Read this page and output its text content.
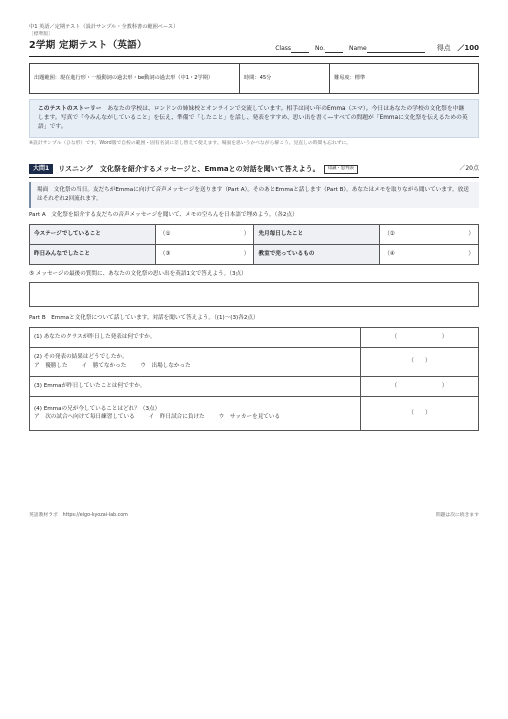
中1 英語／定期テスト（設計サンプル・全教科書の範囲ベース）
［標準版］
2学期 定期テスト（英語）	Class	No.	Name	得点 ／100
出題範囲：現在進行形・一般動詞の過去形・be動詞の過去形（中1・2学期）	時間：45分	難易度：標準
このテストのストーリー　 あなたの学校は、ロンドンの姉妹校とオンラインで交流しています。相手は同い年のEmma（エマ）。今日はあなたの学校の文化祭を中継します。写真で「今みんながしていること」を伝え、準備で「したこと」を話し、発表をすすめ、思い出を書く—すべての問題が「Emmaに文化祭を伝えるための英語」です。
※設計サンプル（ひな形）です。Word版で自校の範囲・固有名詞に差し替えて使えます。場面を思いうかべながら解こう。見直しの時間も忘れずに。
大問1	リスニング　文化祭を紹介するメッセージと、Emmaとの対話を聞いて答えよう。	知識・思判表	／20点
場面　文化祭の当日。友だちがEmmaに向けて音声メッセージを送ります（Part A）。そのあとEmmaと話します（Part B）。あなたはメモを取りながら聞いています。放送はそれぞれ2回流れます。
Part A　文化祭を紹介する友だちの音声メッセージを聞いて、メモの空らんを日本語で埋めよう。（各2点）
今ステージでしていること	（① ）	先月毎日したこと	（② ）

昨日みんなでしたこと	（③ ）	教室で売っているもの	（④ ）
⑤ メッセージの最後の質問に、あなたの文化祭の思い出を英語1文で答えよう。（3点）
Part B　Emmaと文化祭について話しています。対話を聞いて答えよう。（(1)〜(3)各2点）
(1) あなたのクラスが昨日した発表は何ですか。	（　　　　　　　　）

(2) その発表の結果はどうでしたか。
ア　優勝した イ　勝てなかった ウ　出場しなかった	（　　）

(3) Emmaが昨日していたことは何ですか。	（　　　　　　　　）

(4) Emmaの兄が今していることはどれ？（3点）
ア　次の試合へ向けて毎日練習している イ　昨日試合に負けた ウ　サッカーを見ている	（　　）
英語教材ラボ　https://eigo-kyozai-lab.com	問題は次に続きます
